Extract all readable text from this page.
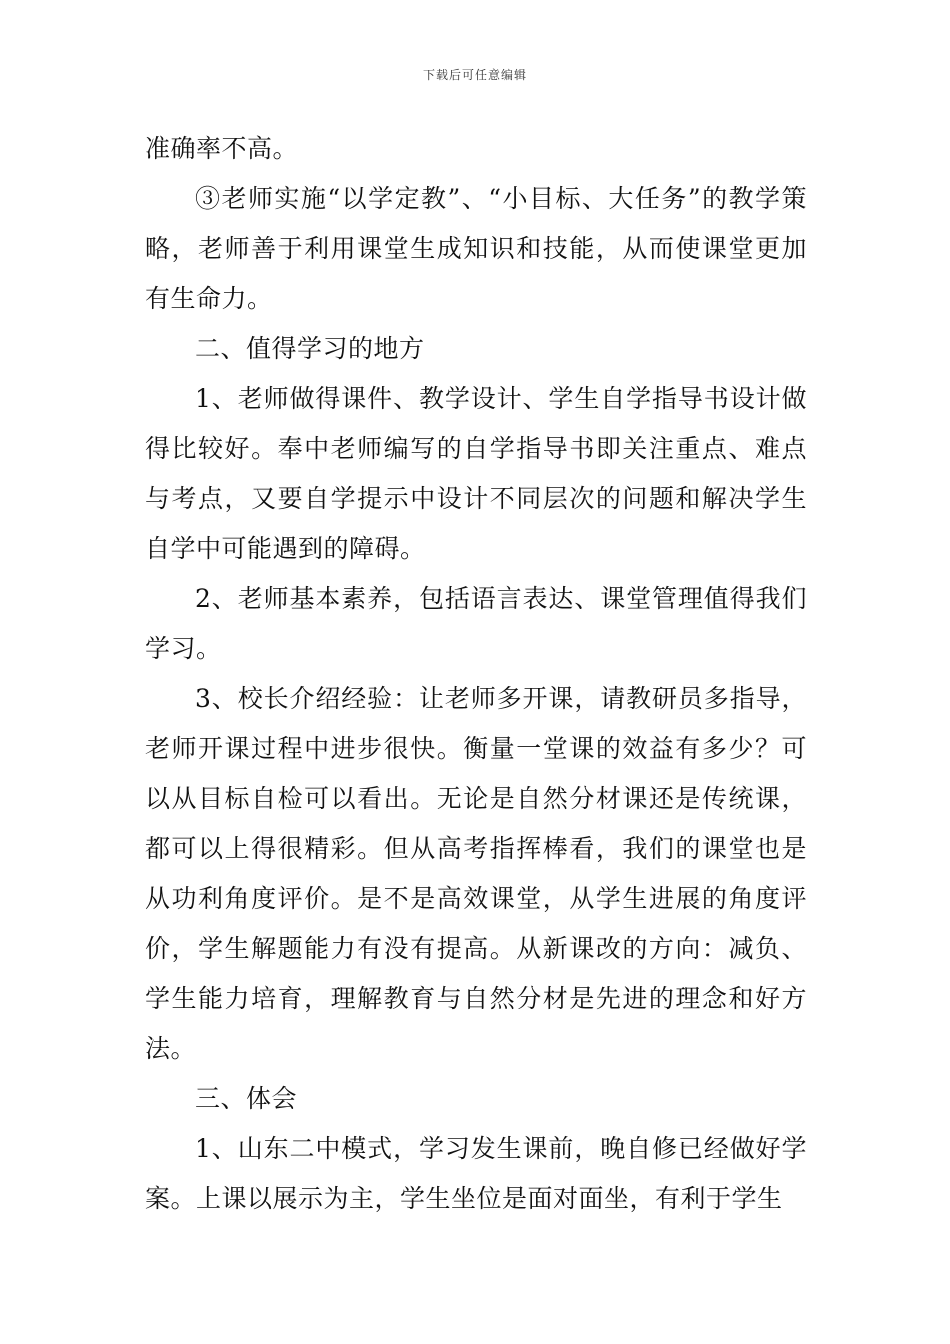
下载后可任意编辑

准确率不高。

③老师实施“以学定教”、“小目标、大任务”的教学策略，老师善于利用课堂生成知识和技能，从而使课堂更加有生命力。

二、值得学习的地方

1、老师做得课件、教学设计、学生自学指导书设计做得比较好。奉中老师编写的自学指导书即关注重点、难点与考点，又要自学提示中设计不同层次的问题和解决学生自学中可能遇到的障碍。

2、老师基本素养，包括语言表达、课堂管理值得我们学习。

3、校长介绍经验：让老师多开课，请教研员多指导，老师开课过程中进步很快。衡量一堂课的效益有多少？可以从目标自检可以看出。无论是自然分材课还是传统课，都可以上得很精彩。但从高考指挥棒看，我们的课堂也是从功利角度评价。是不是高效课堂，从学生进展的角度评价，学生解题能力有没有提高。从新课改的方向：减负、学生能力培育，理解教育与自然分材是先进的理念和好方法。

三、体会

1、山东二中模式，学习发生课前，晚自修已经做好学案。上课以展示为主，学生坐位是面对面坐，有利于学生
